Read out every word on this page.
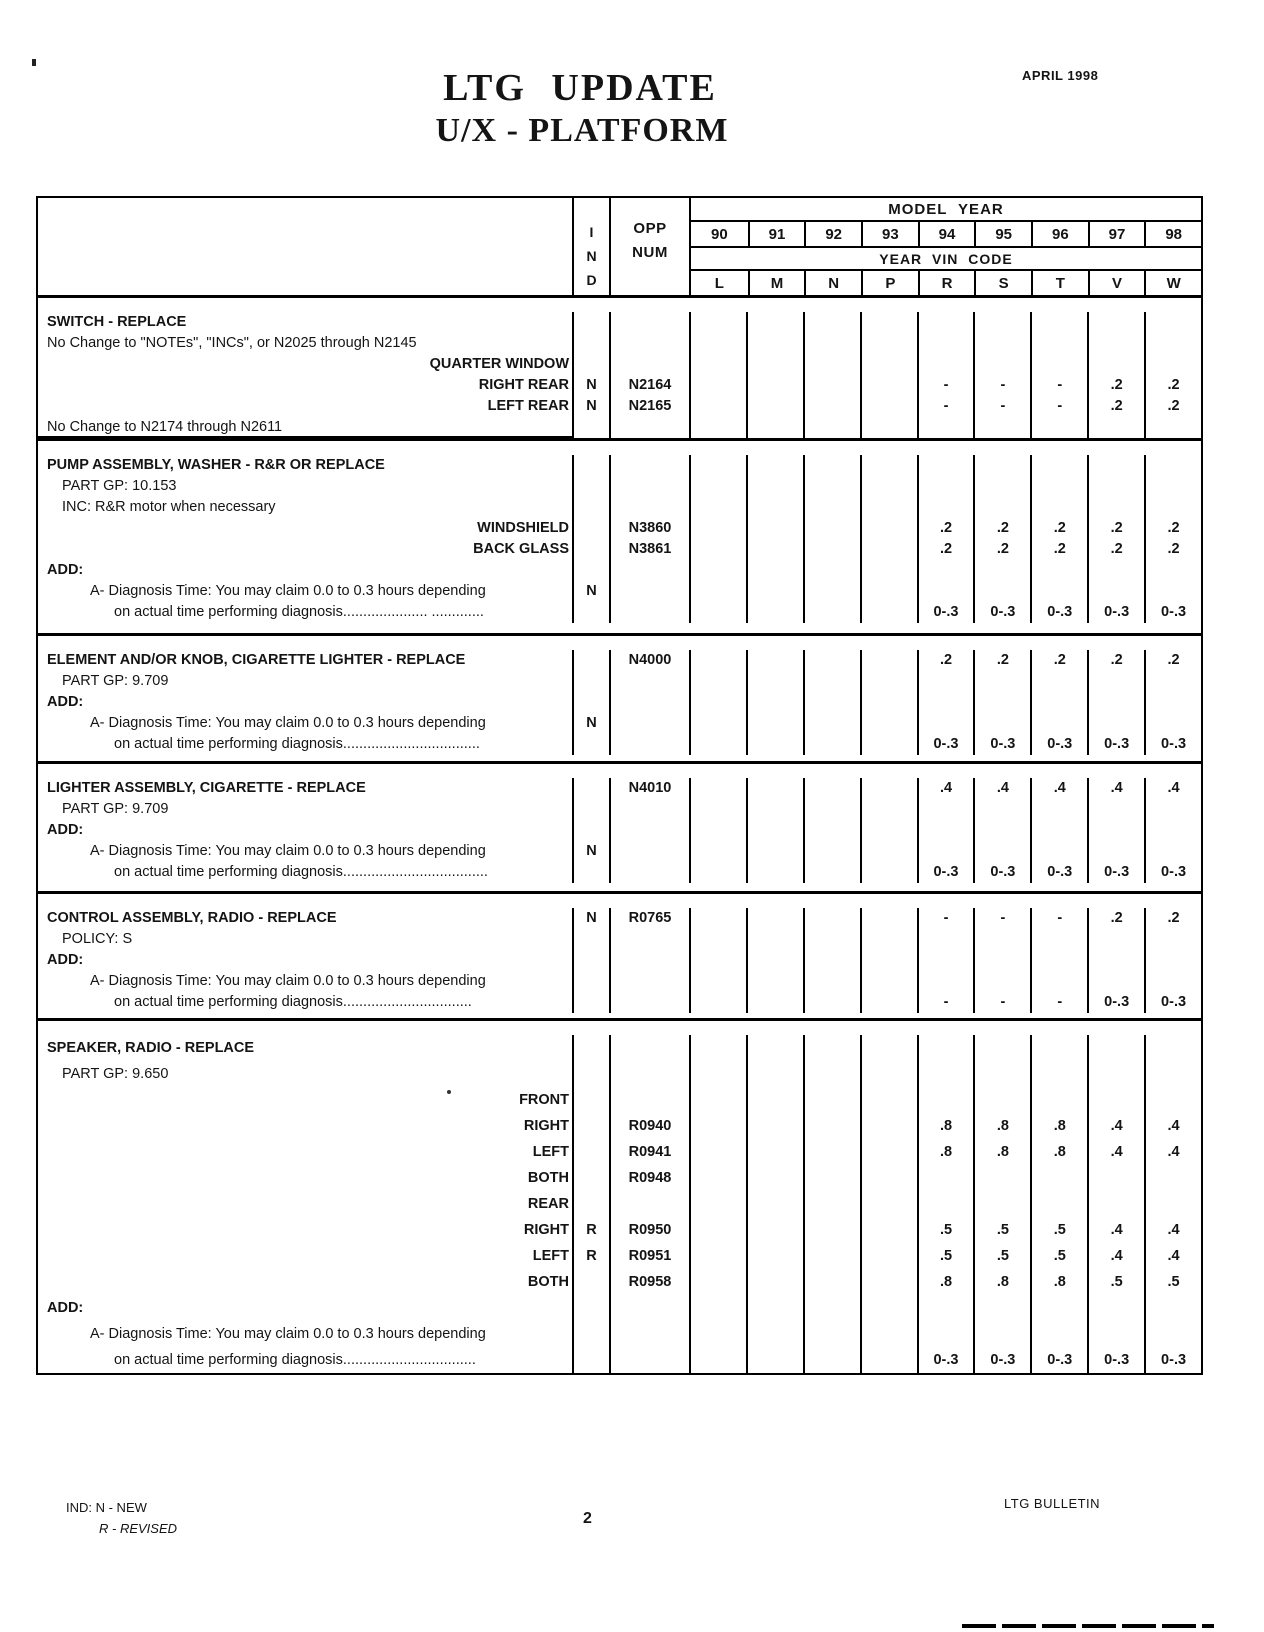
LTG UPDATE
U/X - PLATFORM
APRIL 1998
I
N
D
OPP
NUM
MODEL YEAR
90	91	92	93	94	95	96	97	98
YEAR VIN CODE
L	M	N	P	R	S	T	V	W
SWITCH - REPLACE
No Change to "NOTEs", "INCs", or N2025 through N2145
QUARTER WINDOW
RIGHT REAR	N	N2164	-	-	-	.2	.2
LEFT REAR	N	N2165	-	-	-	.2	.2
No Change to N2174 through N2611
PUMP ASSEMBLY, WASHER - R&R OR REPLACE
PART GP: 10.153
INC: R&R motor when necessary
WINDSHIELD	N3860	.2	.2	.2	.2	.2
BACK GLASS	N3861	.2	.2	.2	.2	.2
ADD:
A- Diagnosis Time: You may claim 0.0 to 0.3 hours depending	N
on actual time performing diagnosis..................... .............	0-.3	0-.3	0-.3	0-.3	0-.3
ELEMENT AND/OR KNOB, CIGARETTE LIGHTER - REPLACE	N4000	.2	.2	.2	.2	.2
PART GP: 9.709
ADD:
A- Diagnosis Time: You may claim 0.0 to 0.3 hours depending	N
on actual time performing diagnosis..................................	0-.3	0-.3	0-.3	0-.3	0-.3
LIGHTER ASSEMBLY, CIGARETTE - REPLACE	N4010	.4	.4	.4	.4	.4
PART GP: 9.709
ADD:
A- Diagnosis Time: You may claim 0.0 to 0.3 hours depending	N
on actual time performing diagnosis....................................	0-.3	0-.3	0-.3	0-.3	0-.3
CONTROL ASSEMBLY, RADIO - REPLACE	N	R0765	-	-	-	.2	.2
POLICY: S
ADD:
A- Diagnosis Time: You may claim 0.0 to 0.3 hours depending
on actual time performing diagnosis................................	-	-	-	0-.3	0-.3
SPEAKER, RADIO - REPLACE
PART GP: 9.650
FRONT
RIGHT	R0940	.8	.8	.8	.4	.4
LEFT	R0941	.8	.8	.8	.4	.4
BOTH	R0948
REAR
RIGHT	R	R0950	.5	.5	.5	.4	.4
LEFT	R	R0951	.5	.5	.5	.4	.4
BOTH	R0958	.8	.8	.8	.5	.5
ADD:
A- Diagnosis Time: You may claim 0.0 to 0.3 hours depending
on actual time performing diagnosis.................................	0-.3	0-.3	0-.3	0-.3	0-.3
IND: N - NEW
R - REVISED
2
LTG BULLETIN
